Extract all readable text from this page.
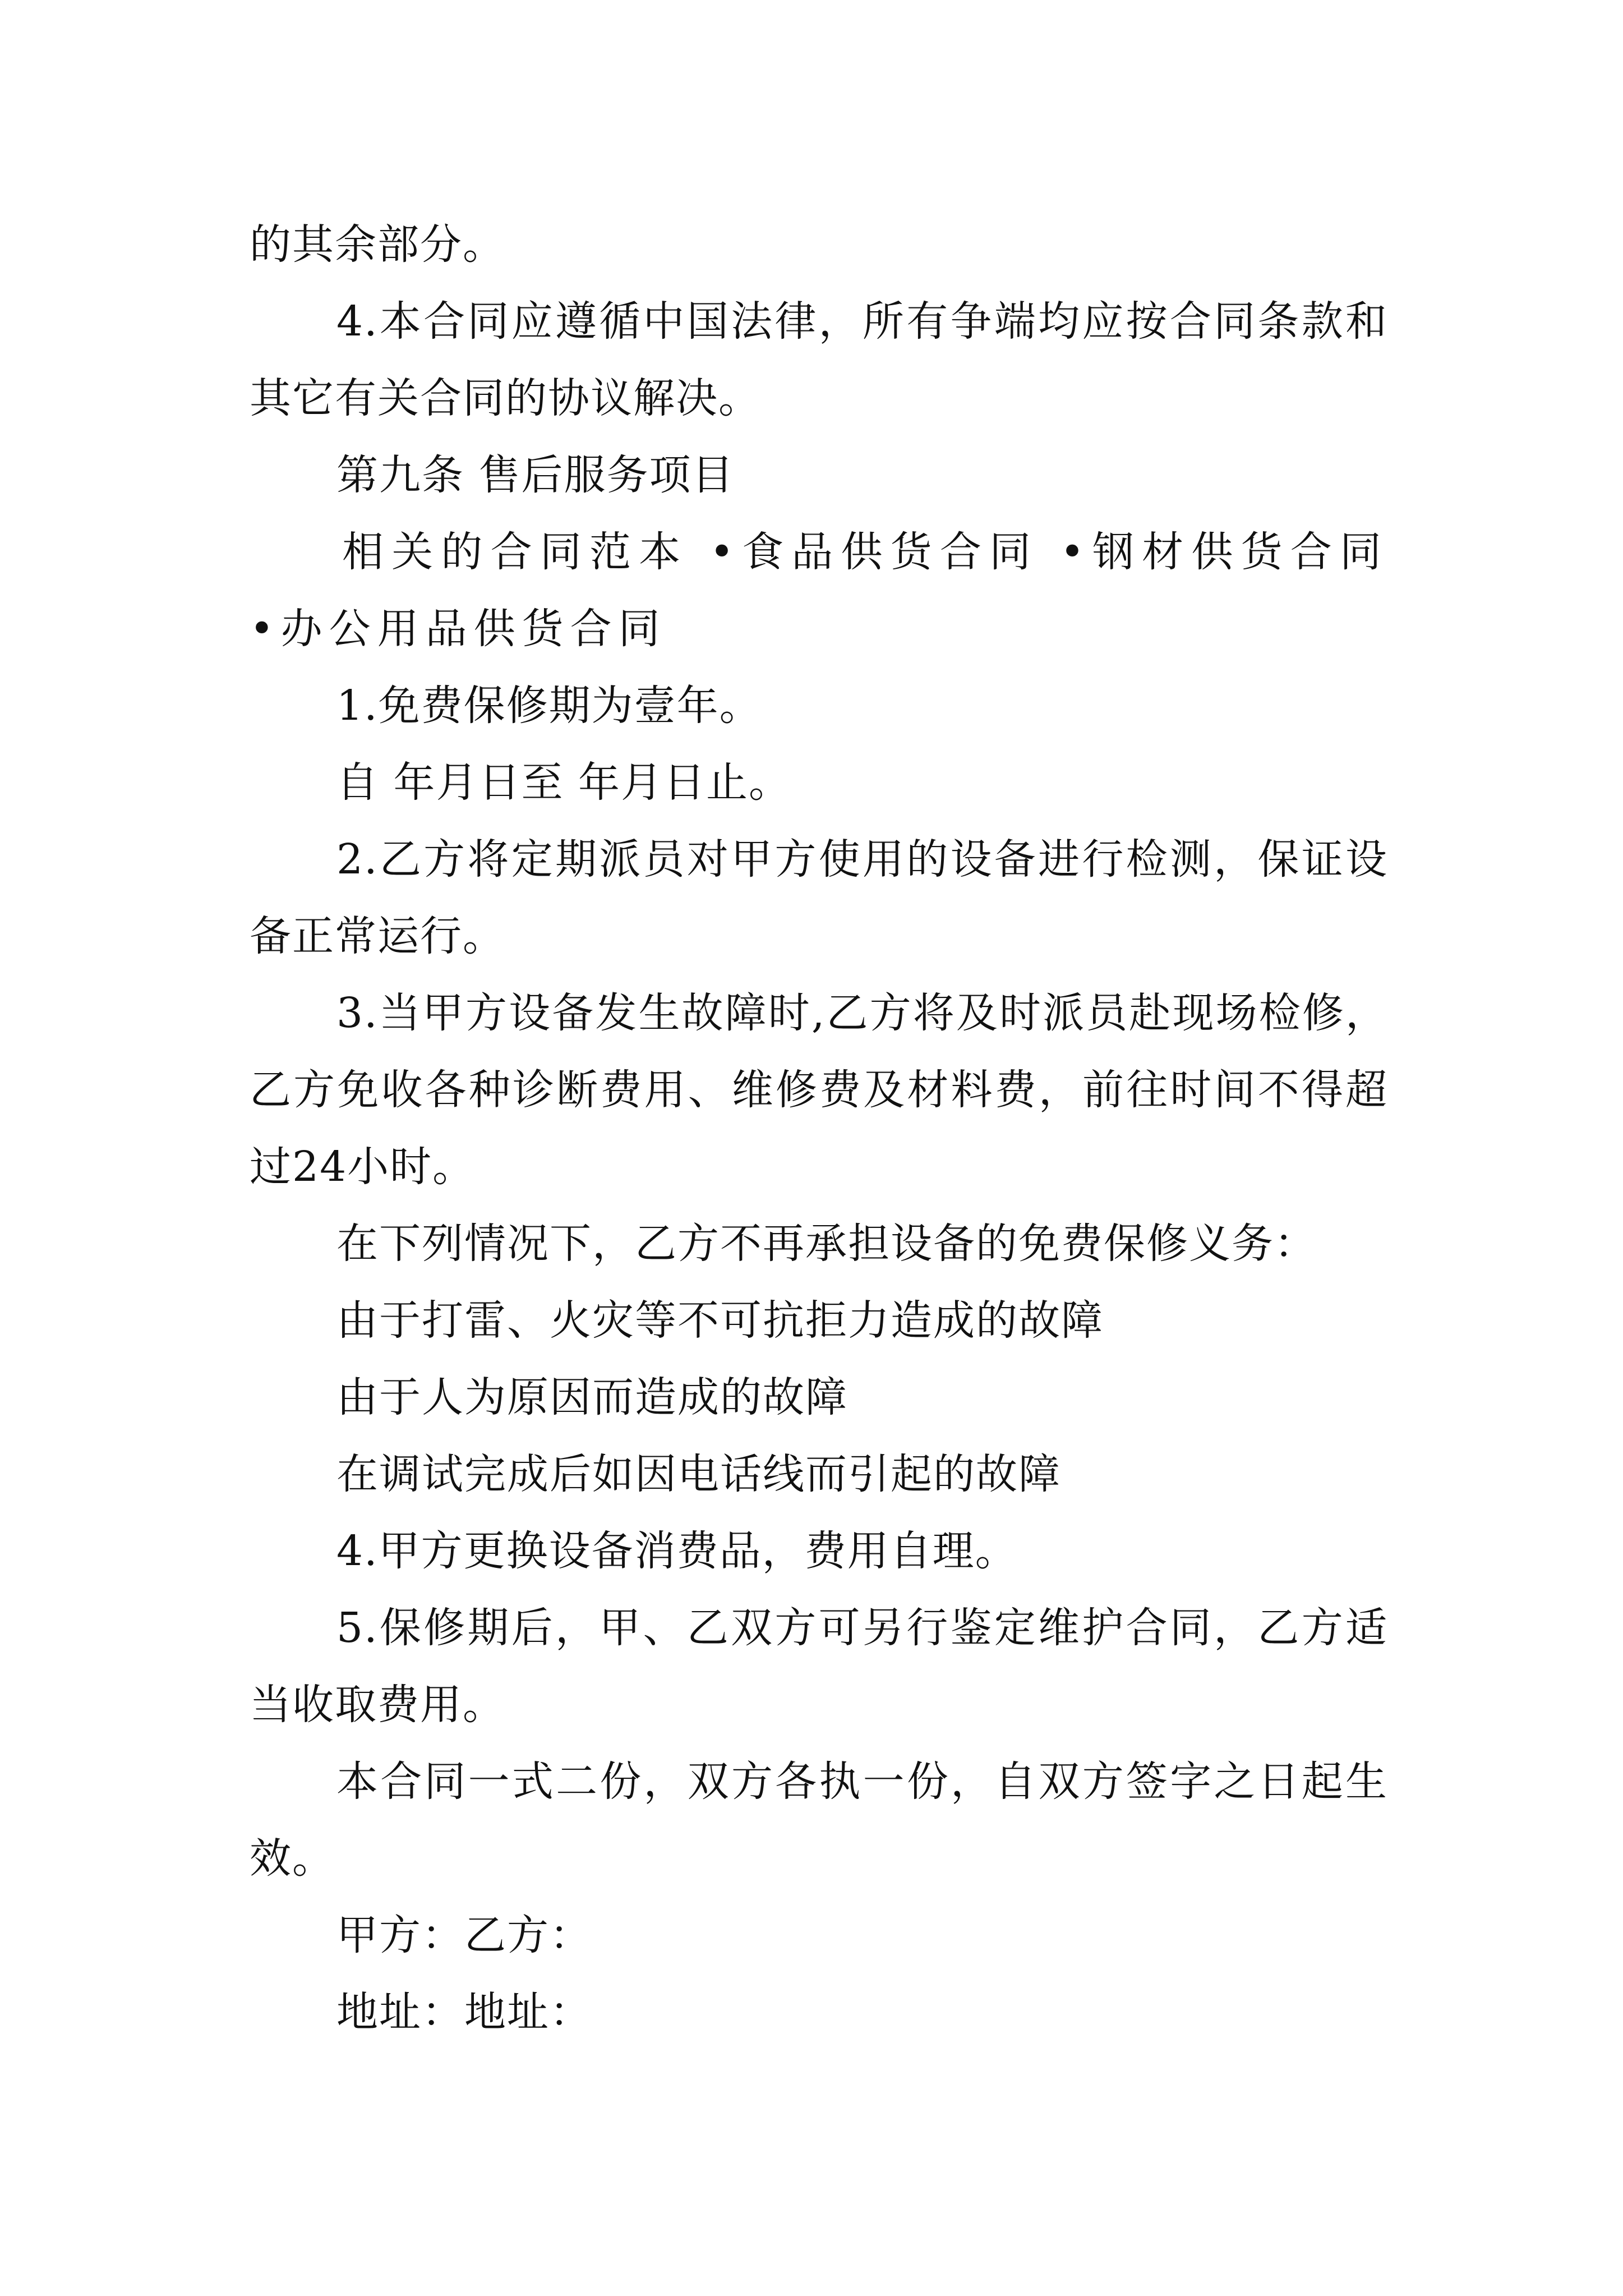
的其余部分。

4.本合同应遵循中国法律，所有争端均应按合同条款和其它有关合同的协议解决。

第九条 售后服务项目

相关的合同范本 •食品供货合同 •钢材供货合同 •办公用品供货合同

1.免费保修期为壹年。

自 年月日至 年月日止。

2.乙方将定期派员对甲方使用的设备进行检测，保证设备正常运行。

3.当甲方设备发生故障时,乙方将及时派员赴现场检修，乙方免收各种诊断费用、维修费及材料费，前往时间不得超过24小时。

在下列情况下，乙方不再承担设备的免费保修义务：

由于打雷、火灾等不可抗拒力造成的故障

由于人为原因而造成的故障

在调试完成后如因电话线而引起的故障

4.甲方更换设备消费品，费用自理。

5.保修期后，甲、乙双方可另行鉴定维护合同，乙方适当收取费用。

本合同一式二份，双方各执一份，自双方签字之日起生效。

甲方：乙方：

地址：地址：
